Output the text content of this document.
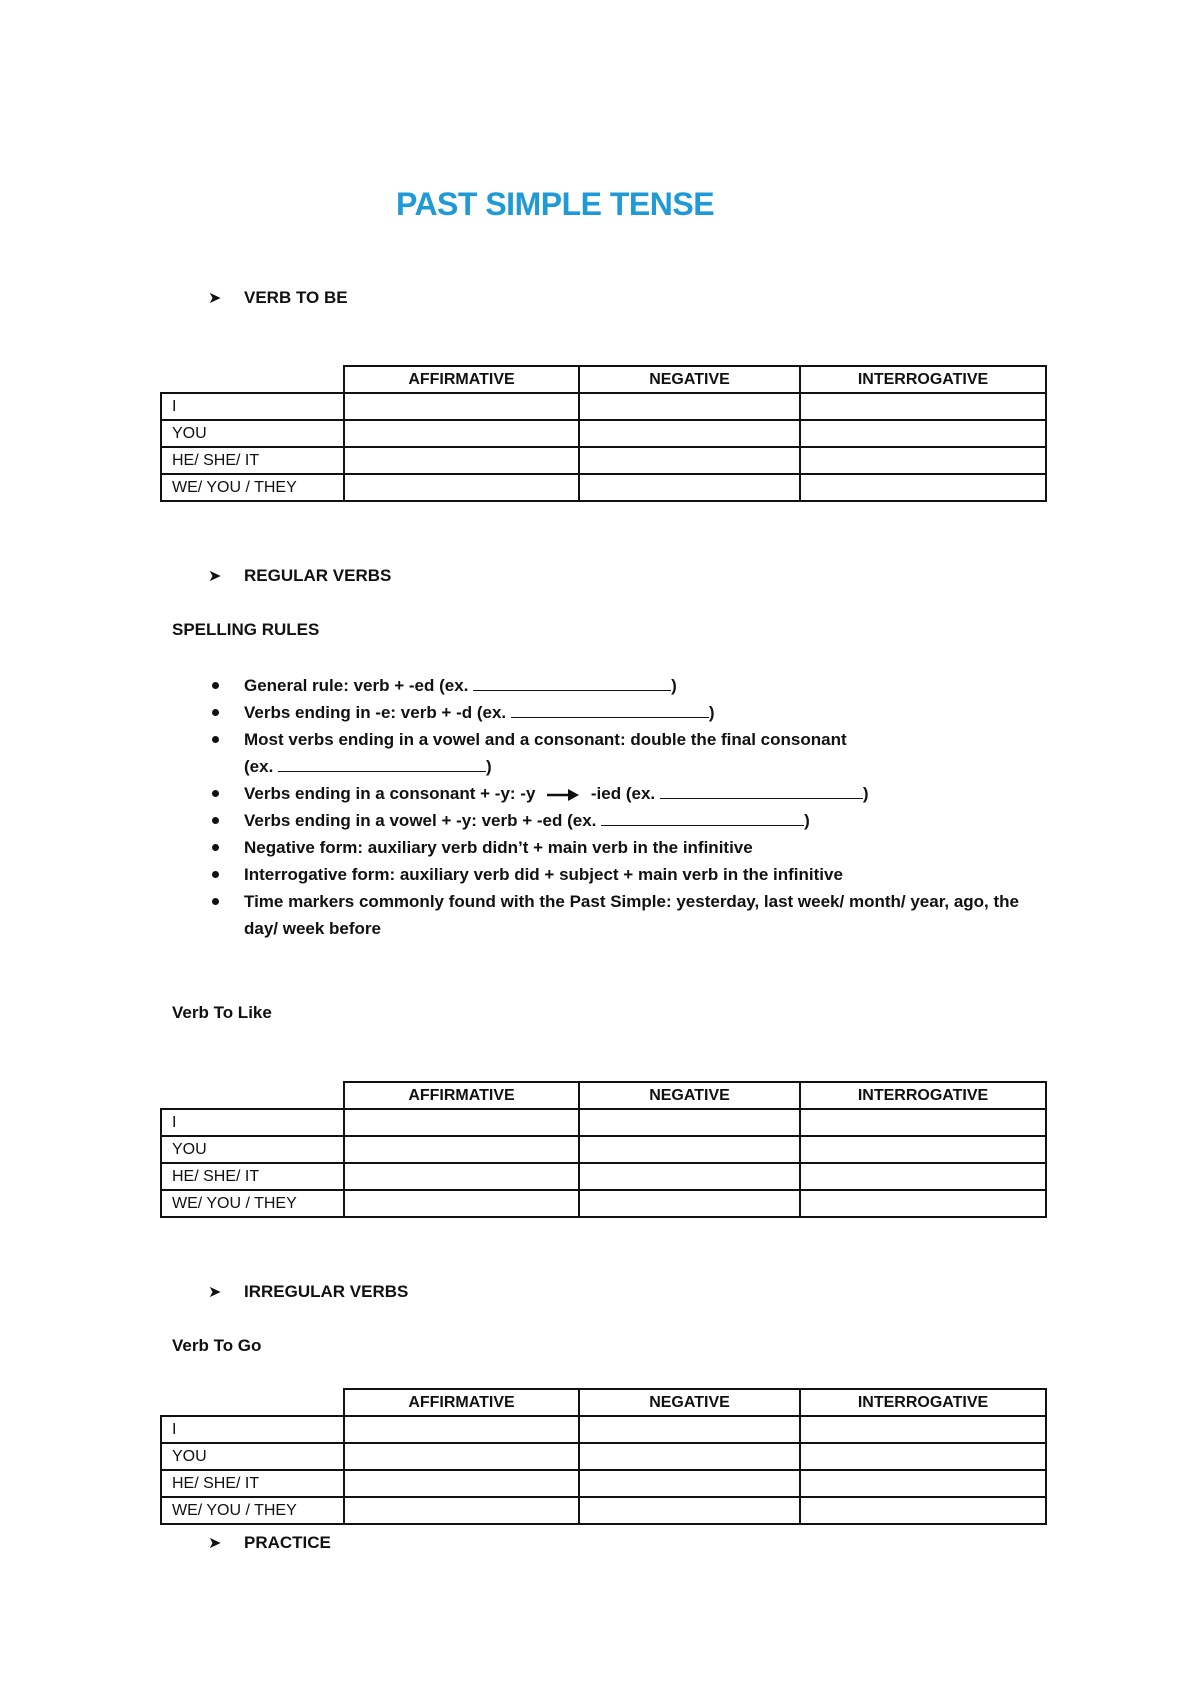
PAST SIMPLE TENSE
➤ VERB TO BE
	AFFIRMATIVE	NEGATIVE	INTERROGATIVE
I			
YOU			
HE/ SHE/ IT			
WE/ YOU / THEY			
➤ REGULAR VERBS
SPELLING RULES
General rule: verb + -ed (ex.	)
Verbs ending in -e: verb + -d (ex.	)
Most verbs ending in a vowel and a consonant: double the final consonant
(ex.	)
Verbs ending in a consonant + -y: -y	-ied (ex.	)
Verbs ending in a vowel + -y: verb + -ed (ex.	)
Negative form: auxiliary verb didn’t + main verb in the infinitive
Interrogative form: auxiliary verb did + subject + main verb in the infinitive
Time markers commonly found with the Past Simple: yesterday, last week/ month/ year, ago, the day/ week before
Verb To Like
	AFFIRMATIVE	NEGATIVE	INTERROGATIVE
I			
YOU			
HE/ SHE/ IT			
WE/ YOU / THEY			
➤ IRREGULAR VERBS
Verb To Go
	AFFIRMATIVE	NEGATIVE	INTERROGATIVE
I			
YOU			
HE/ SHE/ IT			
WE/ YOU / THEY			
➤ PRACTICE
